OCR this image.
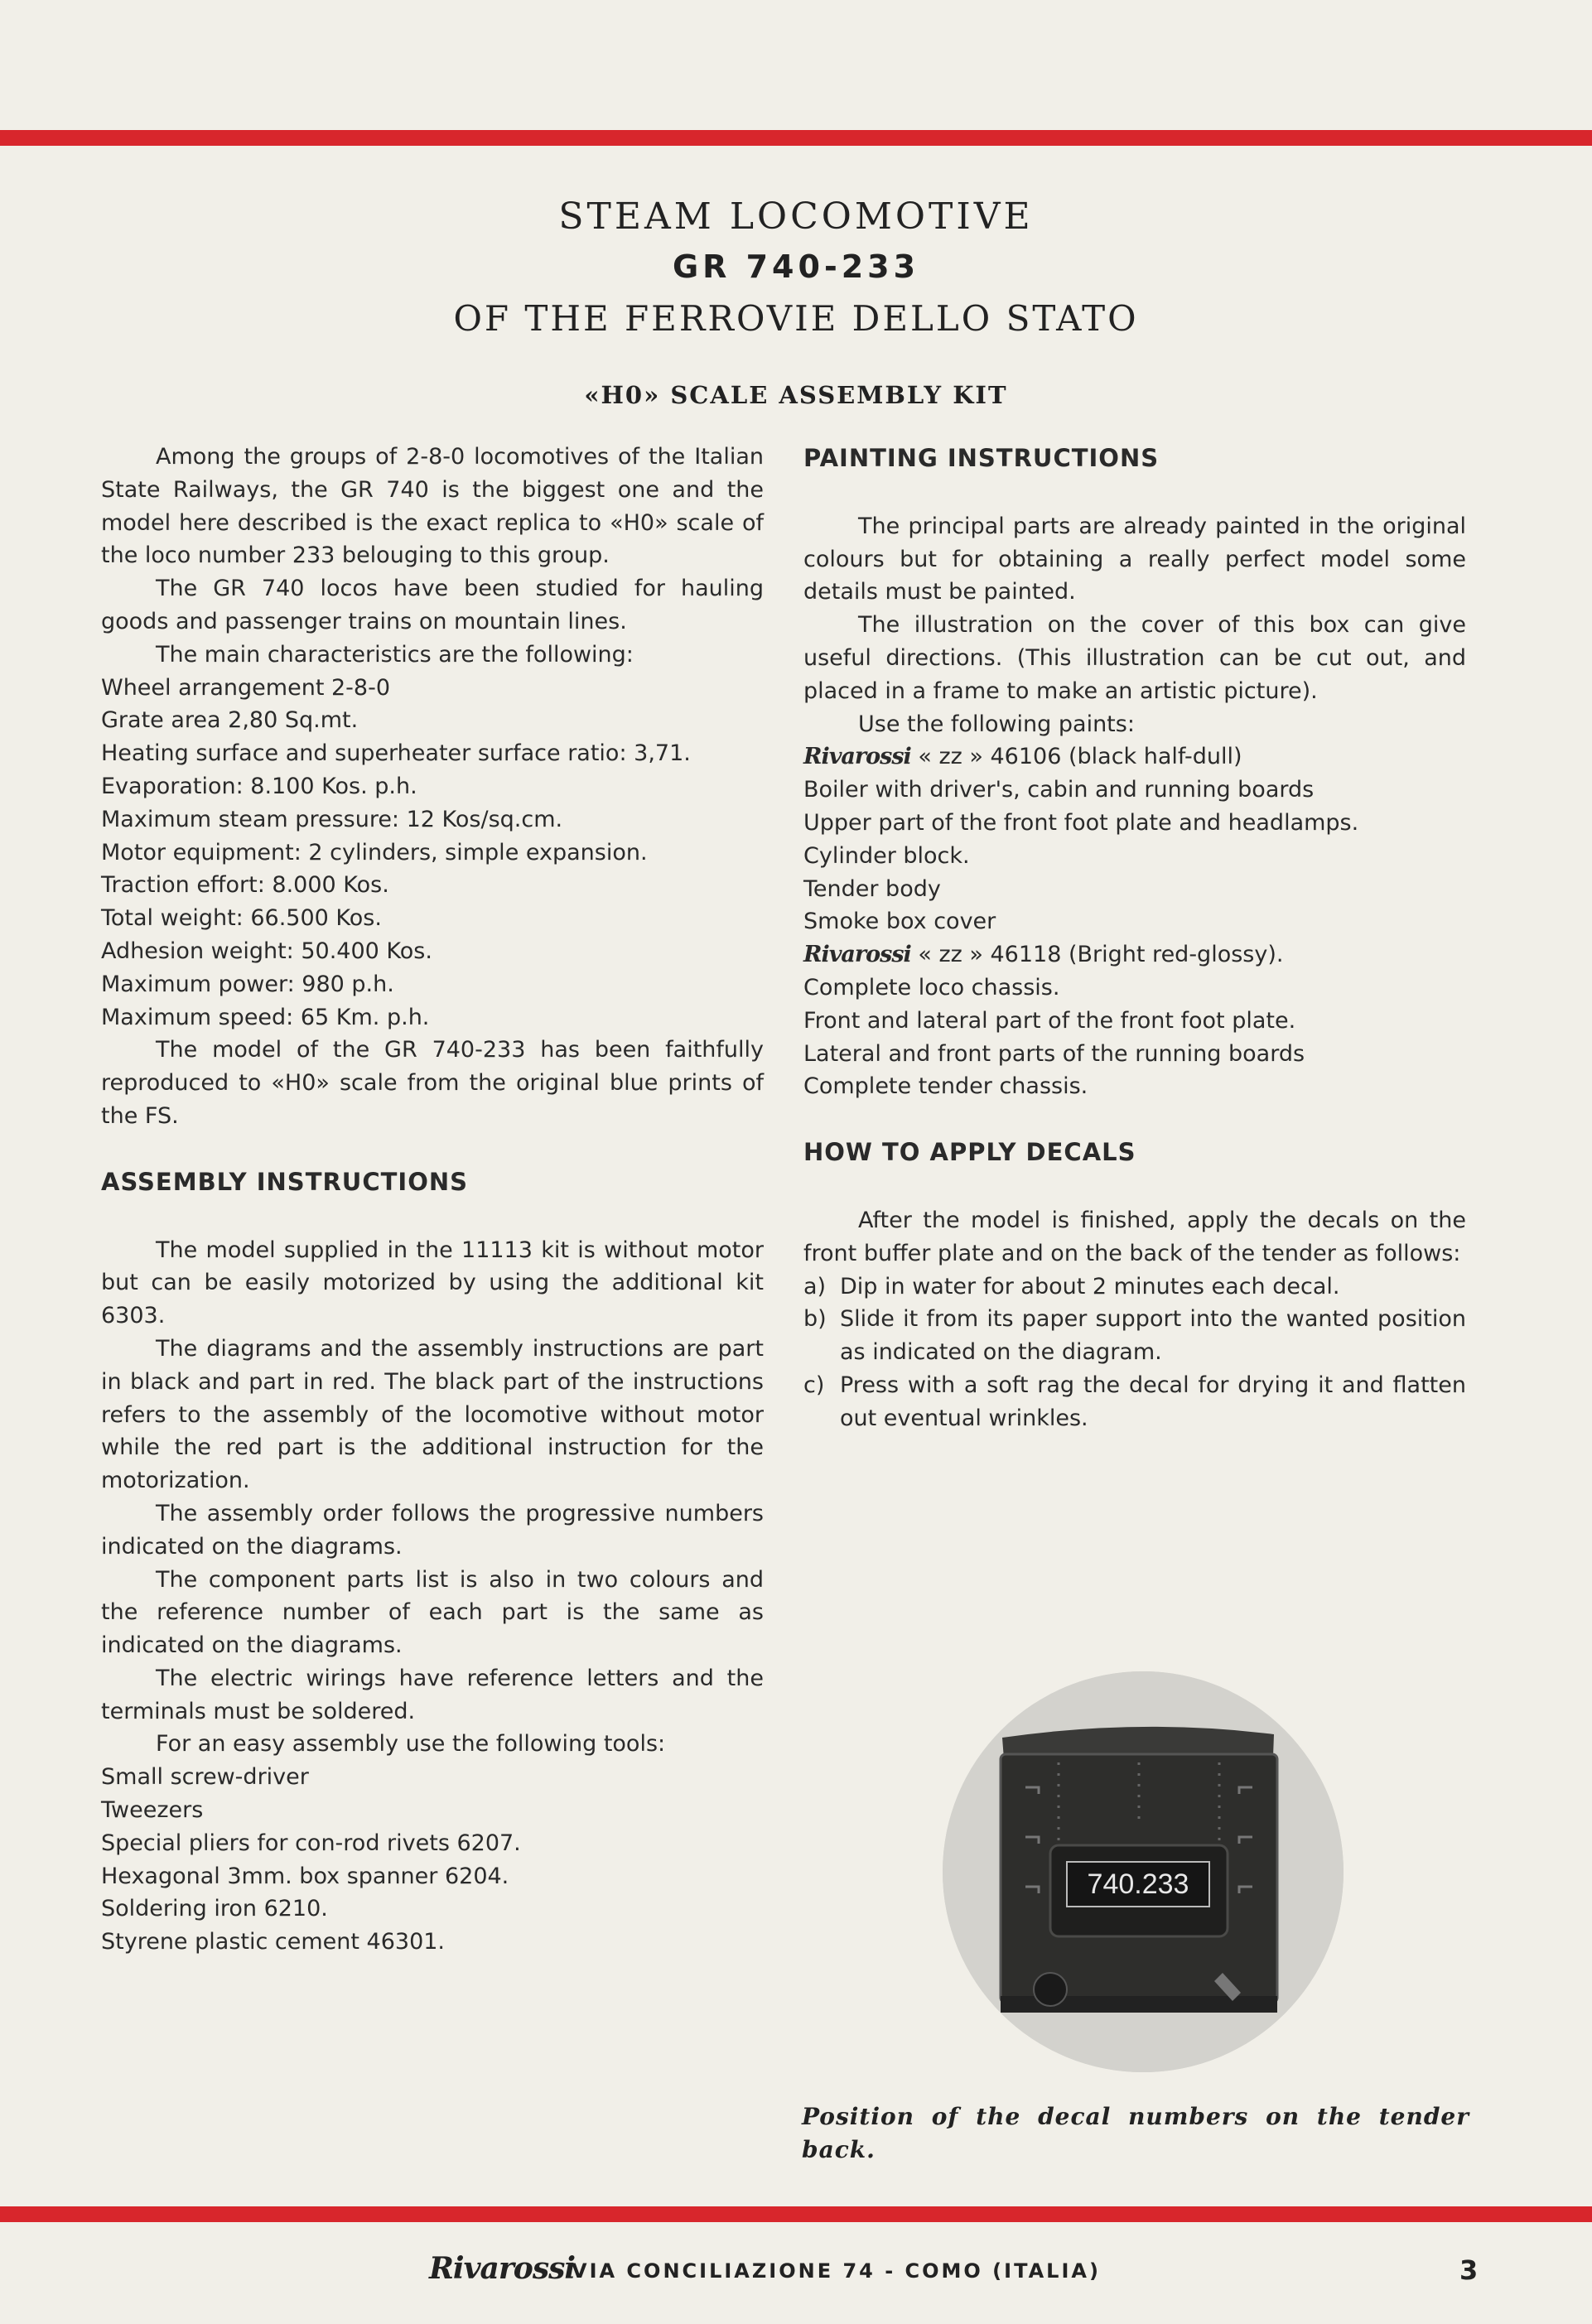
STEAM LOCOMOTIVE
GR 740-233
OF THE FERROVIE DELLO STATO
«H0» SCALE ASSEMBLY KIT

Among the groups of 2-8-0 locomotives of the Italian State Railways, the GR 740 is the biggest one and the model here described is the exact replica to «H0» scale of the loco number 233 belouging to this group.

The GR 740 locos have been studied for hauling goods and passenger trains on mountain lines.

The main characteristics are the following:

Wheel arrangement 2-8-0
Grate area 2,80 Sq.mt.

Heating surface and superheater surface ratio: 3,71.

Evaporation: 8.100 Kos. p.h.
Maximum steam pressure: 12 Kos/sq.cm.

Motor equipment: 2 cylinders, simple expansion.

Traction effort: 8.000 Kos.
Total weight: 66.500 Kos.
Adhesion weight: 50.400 Kos.
Maximum power: 980 p.h.
Maximum speed: 65 Km. p.h.

The model of the GR 740-233 has been faithfully reproduced to «H0» scale from the original blue prints of the FS.

ASSEMBLY INSTRUCTIONS

The model supplied in the 11113 kit is without motor but can be easily motorized by using the additional kit 6303.

The diagrams and the assembly instructions are part in black and part in red. The black part of the instructions refers to the assembly of the locomotive without motor while the red part is the additional instruction for the motorization.

The assembly order follows the progressive numbers indicated on the diagrams.

The component parts list is also in two colours and the reference number of each part is the same as indicated on the diagrams.

The electric wirings have reference letters and the terminals must be soldered.

For an easy assembly use the following tools:

Small screw-driver
Tweezers
Special pliers for con-rod rivets 6207.
Hexagonal 3mm. box spanner 6204.
Soldering iron 6210.
Styrene plastic cement 46301.

PAINTING INSTRUCTIONS

The principal parts are already painted in the original colours but for obtaining a really perfect model some details must be painted.

The illustration on the cover of this box can give useful directions. (This illustration can be cut out, and placed in a frame to make an artistic picture).

Use the following paints:

Rivarossi « zz » 46106 (black half-dull)
Boiler with driver's, cabin and running boards

Upper part of the front foot plate and headlamps.

Cylinder block.
Tender body
Smoke box cover
Rivarossi « zz » 46118 (Bright red-glossy).
Complete loco chassis.
Front and lateral part of the front foot plate.
Lateral and front parts of the running boards
Complete tender chassis.

HOW TO APPLY DECALS

After the model is finished, apply the decals on the front buffer plate and on the back of the tender as follows:

a) Dip in water for about 2 minutes each decal.
b) Slide it from its paper support into the wanted position as indicated on the diagram.
c) Press with a soft rag the decal for drying it and flatten out eventual wrinkles.
740.233
Position of the decal numbers on the tender back.
Rivarossi
VIA CONCILIAZIONE 74 - COMO (ITALIA)	3
